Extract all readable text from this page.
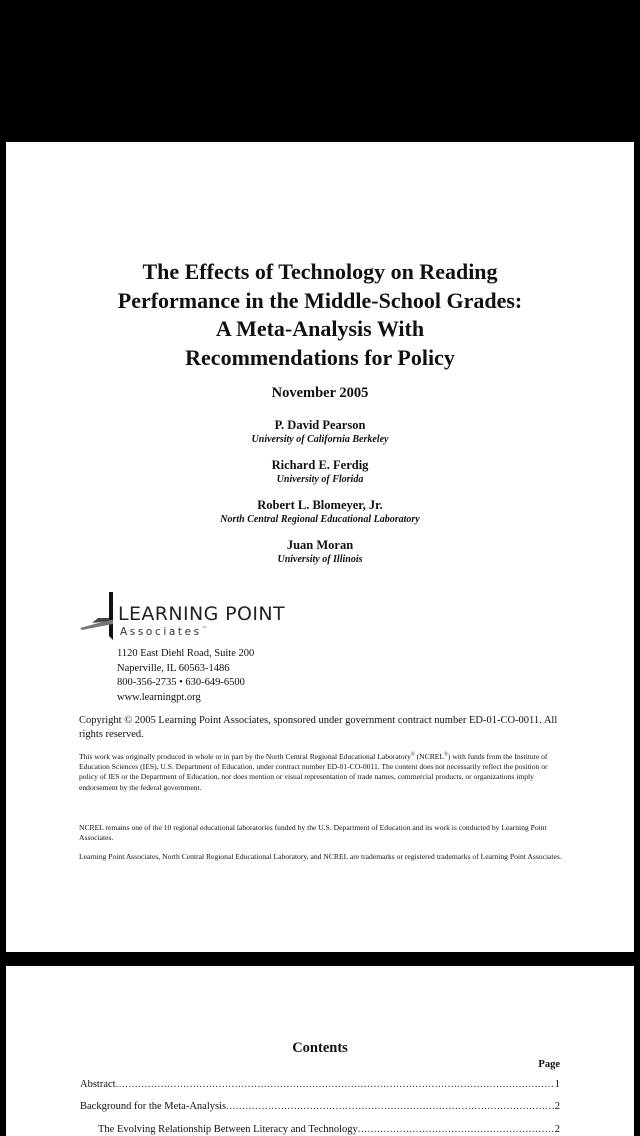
The Effects of Technology on Reading
Performance in the Middle-School Grades:
A Meta-Analysis With
Recommendations for Policy
November 2005
P. David Pearson
University of California Berkeley
Richard E. Ferdig
University of Florida
Robert L. Blomeyer, Jr.
North Central Regional Educational Laboratory
Juan Moran
University of Illinois
LEARNING POINT
Associates™
1120 East Diehl Road, Suite 200
Naperville, IL 60563-1486
800-356-2735 • 630-649-6500
www.learningpt.org
Copyright © 2005 Learning Point Associates, sponsored under government contract number ED-01-CO-0011. All rights reserved.
This work was originally produced in whole or in part by the North Central Regional Educational Laboratory® (NCREL®) with funds from the Institute of Education Sciences (IES), U.S. Department of Education, under contract number ED-01-CO-0011. The content does not necessarily reflect the position or policy of IES or the Department of Education, nor does mention or visual representation of trade names, commercial products, or organizations imply endorsement by the federal government.
NCREL remains one of the 10 regional educational laboratories funded by the U.S. Department of Education and its work is conducted by Learning Point Associates.
Learning Point Associates, North Central Regional Educational Laboratory, and NCREL are trademarks or registered trademarks of Learning Point Associates.
Contents
Page
Abstract .....	1
Background for the Meta-Analysis .....	2
The Evolving Relationship Between Literacy and Technology .....	2
